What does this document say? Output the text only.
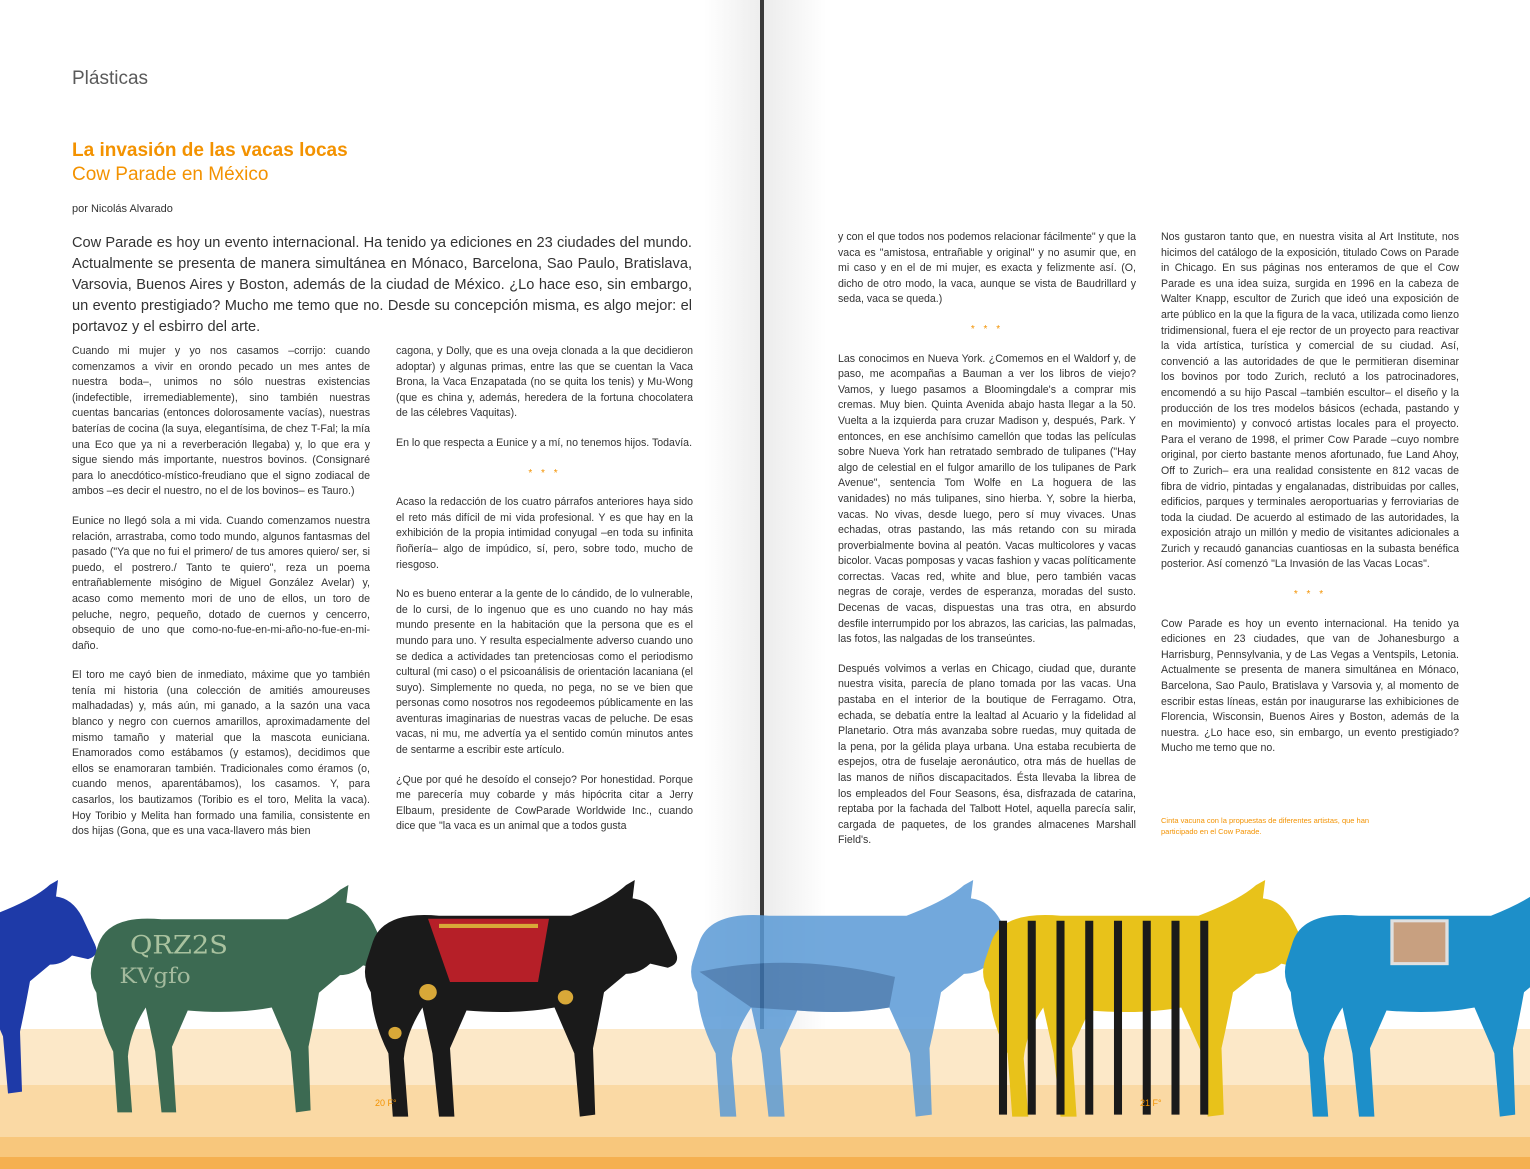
Plásticas
La invasión de las vacas locas
Cow Parade en México
por Nicolás Alvarado
Cow Parade es hoy un evento internacional. Ha tenido ya ediciones en 23 ciudades del mundo. Actualmente se presenta de manera simultánea en Mónaco, Barcelona, Sao Paulo, Bratislava, Varsovia, Buenos Aires y Boston, además de la ciudad de México. ¿Lo hace eso, sin embargo, un evento prestigiado? Mucho me temo que no. Desde su concepción misma, es algo mejor: el portavoz y el esbirro del arte.

Cuando mi mujer y yo nos casamos –corrijo: cuando comenzamos a vivir en orondo pecado un mes antes de nuestra boda–, unimos no sólo nuestras existencias (indefectible, irremediablemente), sino también nuestras cuentas bancarias (entonces dolorosamente vacías), nuestras baterías de cocina (la suya, elegantísima, de chez T-Fal; la mía una Eco que ya ni a reverberación llegaba) y, lo que era y sigue siendo más importante, nuestros bovinos. (Consignaré para lo anecdótico-místico-freudiano que el signo zodiacal de ambos –es decir el nuestro, no el de los bovinos– es Tauro.)

Eunice no llegó sola a mi vida. Cuando comenzamos nuestra relación, arrastraba, como todo mundo, algunos fantasmas del pasado ("Ya que no fui el primero/ de tus amores quiero/ ser, si puedo, el postrero./ Tanto te quiero", reza un poema entrañablemente misógino de Miguel González Avelar) y, acaso como memento mori de uno de ellos, un toro de peluche, negro, pequeño, dotado de cuernos y cencerro, obsequio de uno que como-no-fue-en-mi-año-no-fue-en-mi-daño.

El toro me cayó bien de inmediato, máxime que yo también tenía mi historia (una colección de amitiés amoureuses malhadadas) y, más aún, mi ganado, a la sazón una vaca blanco y negro con cuernos amarillos, aproximadamente del mismo tamaño y material que la mascota euniciana. Enamorados como estábamos (y estamos), decidimos que ellos se enamoraran también. Tradicionales como éramos (o, cuando menos, aparentábamos), los casamos. Y, para casarlos, los bautizamos (Toribio es el toro, Melita la vaca). Hoy Toribio y Melita han formado una familia, consistente en dos hijas (Gona, que es una vaca-llavero más bien

cagona, y Dolly, que es una oveja clonada a la que decidieron adoptar) y algunas primas, entre las que se cuentan la Vaca Brona, la Vaca Enzapatada (no se quita los tenis) y Mu-Wong (que es china y, además, heredera de la fortuna chocolatera de las célebres Vaquitas).

En lo que respecta a Eunice y a mí, no tenemos hijos. Todavía.

* * *

Acaso la redacción de los cuatro párrafos anteriores haya sido el reto más difícil de mi vida profesional. Y es que hay en la exhibición de la propia intimidad conyugal –en toda su infinita ñoñería– algo de impúdico, sí, pero, sobre todo, mucho de riesgoso.

No es bueno enterar a la gente de lo cándido, de lo vulnerable, de lo cursi, de lo ingenuo que es uno cuando no hay más mundo presente en la habitación que la persona que es el mundo para uno. Y resulta especialmente adverso cuando uno se dedica a actividades tan pretenciosas como el periodismo cultural (mi caso) o el psicoanálisis de orientación lacaniana (el suyo). Simplemente no queda, no pega, no se ve bien que personas como nosotros nos regodeemos públicamente en las aventuras imaginarias de nuestras vacas de peluche. De esas vacas, ni mu, me advertía ya el sentido común minutos antes de sentarme a escribir este artículo.

¿Que por qué he desoído el consejo? Por honestidad. Porque me parecería muy cobarde y más hipócrita citar a Jerry Elbaum, presidente de CowParade Worldwide Inc., cuando dice que "la vaca es un animal que a todos gusta

y con el que todos nos podemos relacionar fácilmente" y que la vaca es "amistosa, entrañable y original" y no asumir que, en mi caso y en el de mi mujer, es exacta y felizmente así. (O, dicho de otro modo, la vaca, aunque se vista de Baudrillard y seda, vaca se queda.)

* * *

Las conocimos en Nueva York. ¿Comemos en el Waldorf y, de paso, me acompañas a Bauman a ver los libros de viejo? Vamos, y luego pasamos a Bloomingdale's a comprar mis cremas. Muy bien. Quinta Avenida abajo hasta llegar a la 50. Vuelta a la izquierda para cruzar Madison y, después, Park. Y entonces, en ese anchísimo camellón que todas las películas sobre Nueva York han retratado sembrado de tulipanes ("Hay algo de celestial en el fulgor amarillo de los tulipanes de Park Avenue", sentencia Tom Wolfe en La hoguera de las vanidades) no más tulipanes, sino hierba. Y, sobre la hierba, vacas. No vivas, desde luego, pero sí muy vivaces. Unas echadas, otras pastando, las más retando con su mirada proverbialmente bovina al peatón. Vacas multicolores y vacas bicolor. Vacas pomposas y vacas fashion y vacas políticamente correctas. Vacas red, white and blue, pero también vacas negras de coraje, verdes de esperanza, moradas del susto. Decenas de vacas, dispuestas una tras otra, en absurdo desfile interrumpido por los abrazos, las caricias, las palmadas, las fotos, las nalgadas de los transeúntes.

Después volvimos a verlas en Chicago, ciudad que, durante nuestra visita, parecía de plano tomada por las vacas. Una pastaba en el interior de la boutique de Ferragamo. Otra, echada, se debatía entre la lealtad al Acuario y la fidelidad al Planetario. Otra más avanzaba sobre ruedas, muy quitada de la pena, por la gélida playa urbana. Una estaba recubierta de espejos, otra de fuselaje aeronáutico, otra más de huellas de las manos de niños discapacitados. Ésta llevaba la librea de los empleados del Four Seasons, ésa, disfrazada de catarina, reptaba por la fachada del Talbott Hotel, aquella parecía salir, cargada de paquetes, de los grandes almacenes Marshall Field's.

Nos gustaron tanto que, en nuestra visita al Art Institute, nos hicimos del catálogo de la exposición, titulado Cows on Parade in Chicago. En sus páginas nos enteramos de que el Cow Parade es una idea suiza, surgida en 1996 en la cabeza de Walter Knapp, escultor de Zurich que ideó una exposición de arte público en la que la figura de la vaca, utilizada como lienzo tridimensional, fuera el eje rector de un proyecto para reactivar la vida artística, turística y comercial de su ciudad. Así, convenció a las autoridades de que le permitieran diseminar los bovinos por todo Zurich, reclutó a los patrocinadores, encomendó a su hijo Pascal –también escultor– el diseño y la producción de los tres modelos básicos (echada, pastando y en movimiento) y convocó artistas locales para el proyecto. Para el verano de 1998, el primer Cow Parade –cuyo nombre original, por cierto bastante menos afortunado, fue Land Ahoy, Off to Zurich– era una realidad consistente en 812 vacas de fibra de vidrio, pintadas y engalanadas, distribuidas por calles, edificios, parques y terminales aeroportuarias y ferroviarias de toda la ciudad. De acuerdo al estimado de las autoridades, la exposición atrajo un millón y medio de visitantes adicionales a Zurich y recaudó ganancias cuantiosas en la subasta benéfica posterior. Así comenzó "La Invasión de las Vacas Locas".

* * *

Cow Parade es hoy un evento internacional. Ha tenido ya ediciones en 23 ciudades, que van de Johanesburgo a Harrisburg, Pennsylvania, y de Las Vegas a Ventspils, Letonia. Actualmente se presenta de manera simultánea en Mónaco, Barcelona, Sao Paulo, Bratislava y Varsovia y, al momento de escribir estas líneas, están por inaugurarse las exhibiciones de Florencia, Wisconsin, Buenos Aires y Boston, además de la nuestra. ¿Lo hace eso, sin embargo, un evento prestigiado? Mucho me temo que no.

Cinta vacuna con la propuestas de diferentes artistas, que han participado en el Cow Parade.
QRZ2S
KVgfo
20 F°	21 F°
